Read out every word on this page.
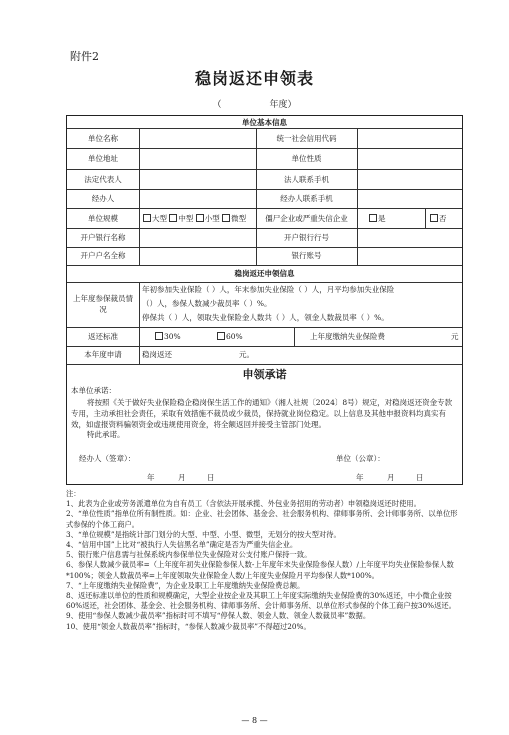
附件2
稳岗返还申领表
（	年度）
单位基本信息
单位名称	统一社会信用代码
单位地址	单位性质
法定代表人	法人联系手机
经办人	经办人联系手机
单位规模	大型 中型 小型 微型	僵尸企业或严重失信企业	是	否
开户银行名称	开户银行行号
开户户名全称	银行账号
稳岗返还申领信息
上年度参保裁员情况
年初参加失业保险（ ）人，年末参加失业保险（ ）人，月平均参加失业保险
（）人，参保人数减少裁员率（ ）%。
停保共（ ）人，领取失业保险金人数共（ ）人，领金人数裁员率（ ）%。
返还标准	30%	60%	上年度缴纳失业保险费	元
本年度申请	稳岗返还	元。
申领承诺
本单位承诺：
将按照《关于做好失业保险稳企稳岗保生活工作的通知》（湘人社规〔2024〕8号）规定，对稳岗返还资金专款专用，主动承担社会责任，采取有效措施不裁员或少裁员，保持就业岗位稳定。以上信息及其他申报资料均真实有效，如虚报资料骗领资金或违规使用资金，将全额返回并接受主管部门处理。
特此承诺。
经办人（签章）：	单位（公章）：
年	月	日	年	月	日
注：
1、此表为企业或劳务派遣单位为自有员工（含依法开展承揽、外包业务招用的劳动者）申领稳岗返还时使用。
2、“单位性质”指单位所有制性质。如：企业、社会团体、基金会、社会服务机构、律师事务所、会计师事务所、以单位形式参保的个体工商户。
3、“单位规模”是指统计部门划分的大型、中型、小型、微型，无划分的按大型对待。
4、“信用中国”上比对“被执行人失信黑名单”确定是否为严重失信企业。
5、银行账户信息需与社保系统内参保单位失业保险对公支付账户保持一致。
6、参保人数减少裁员率=（上年度年初失业保险参保人数-上年度年末失业保险参保人数）/上年度平均失业保险参保人数*100%；领金人数裁员率=上年度领取失业保险金人数/上年度失业保险月平均参保人数*100%。
7、“上年度缴纳失业保险费”，为企业及职工上年度缴纳失业保险费总额。
8、返还标准以单位的性质和规模确定，大型企业按企业及其职工上年度实际缴纳失业保险费的30%返还，中小微企业按60%返还，社会团体、基金会、社会服务机构、律师事务所、会计师事务所、以单位形式参保的个体工商户按30%返还。
9、使用“参保人数减少裁员率”指标时可不填写“停保人数、领金人数、领金人数裁员率”数据。
10、使用“领金人数裁员率”指标时，“参保人数减少裁员率”不得超过20%。
— 8 —
